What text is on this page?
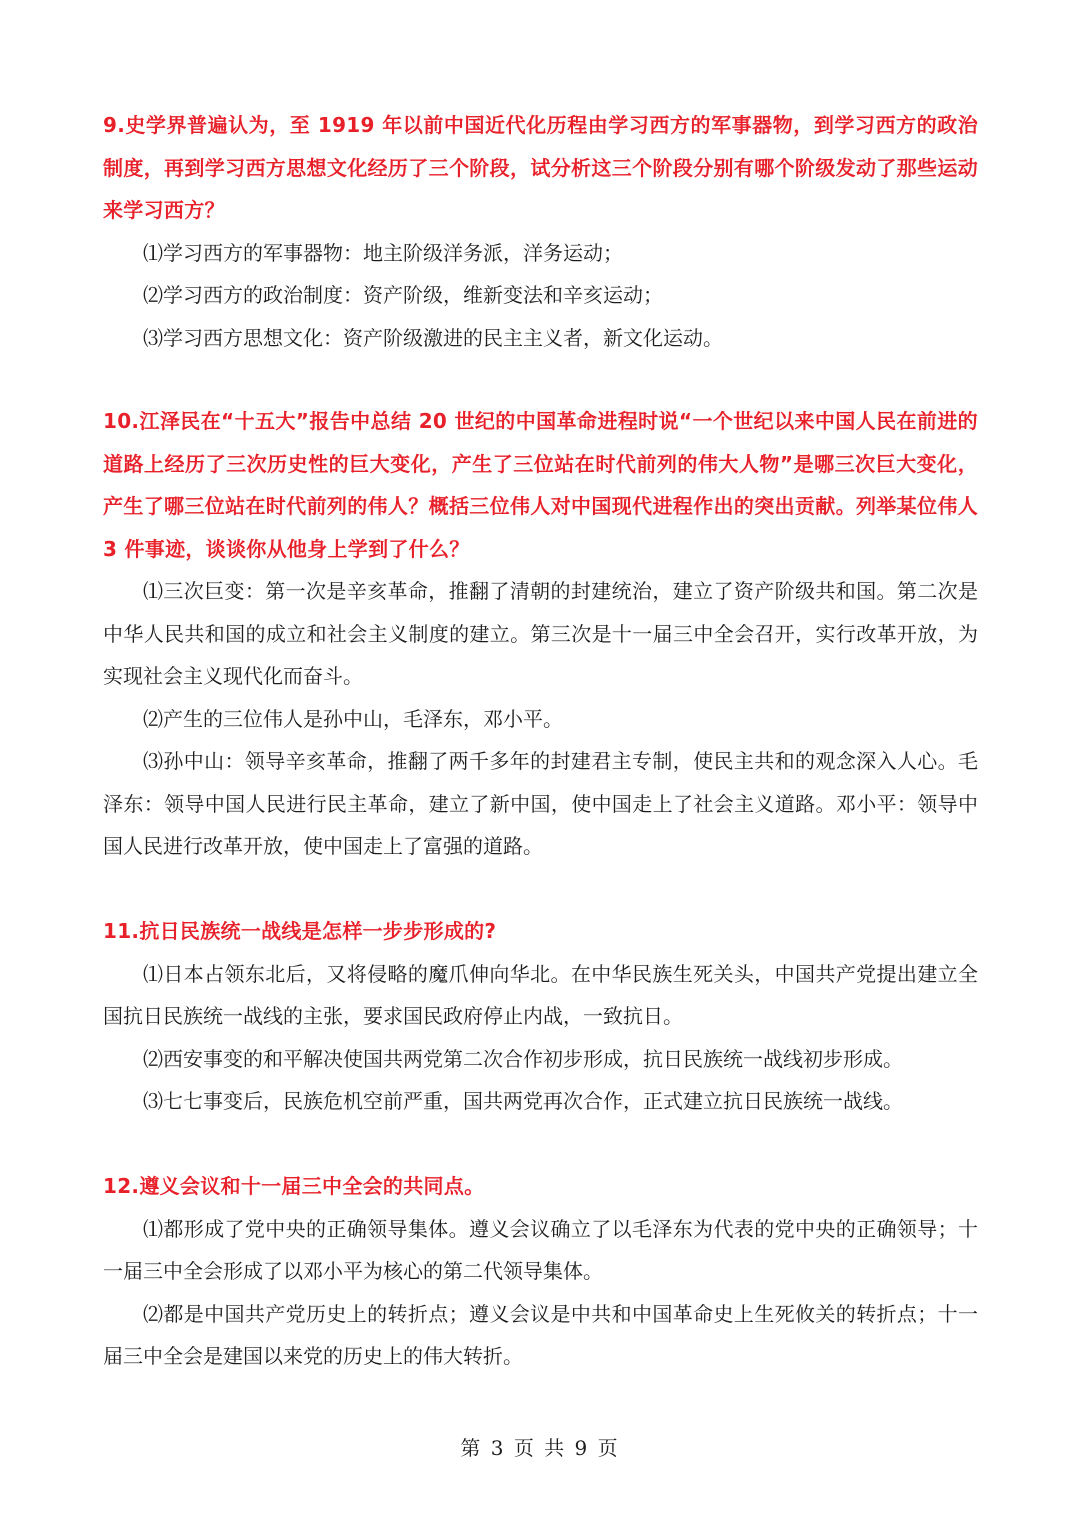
9.史学界普遍认为，至 1919 年以前中国近代化历程由学习西方的军事器物，到学习西方的政治制度，再到学习西方思想文化经历了三个阶段，试分析这三个阶段分别有哪个阶级发动了那些运动来学习西方？

⑴学习西方的军事器物：地主阶级洋务派，洋务运动；

⑵学习西方的政治制度：资产阶级，维新变法和辛亥运动；

⑶学习西方思想文化：资产阶级激进的民主主义者，新文化运动。

10.江泽民在“十五大”报告中总结 20 世纪的中国革命进程时说“一个世纪以来中国人民在前进的道路上经历了三次历史性的巨大变化，产生了三位站在时代前列的伟大人物”是哪三次巨大变化，产生了哪三位站在时代前列的伟人？概括三位伟人对中国现代进程作出的突出贡献。列举某位伟人 3 件事迹，谈谈你从他身上学到了什么？

⑴三次巨变：第一次是辛亥革命，推翻了清朝的封建统治，建立了资产阶级共和国。第二次是中华人民共和国的成立和社会主义制度的建立。第三次是十一届三中全会召开，实行改革开放，为实现社会主义现代化而奋斗。

⑵产生的三位伟人是孙中山，毛泽东，邓小平。

⑶孙中山：领导辛亥革命，推翻了两千多年的封建君主专制，使民主共和的观念深入人心。毛泽东：领导中国人民进行民主革命，建立了新中国，使中国走上了社会主义道路。邓小平：领导中国人民进行改革开放，使中国走上了富强的道路。

11.抗日民族统一战线是怎样一步步形成的?

⑴日本占领东北后，又将侵略的魔爪伸向华北。在中华民族生死关头，中国共产党提出建立全国抗日民族统一战线的主张，要求国民政府停止内战，一致抗日。

⑵西安事变的和平解决使国共两党第二次合作初步形成，抗日民族统一战线初步形成。

⑶七七事变后，民族危机空前严重，国共两党再次合作，正式建立抗日民族统一战线。

12.遵义会议和十一届三中全会的共同点。

⑴都形成了党中央的正确领导集体。遵义会议确立了以毛泽东为代表的党中央的正确领导；十一届三中全会形成了以邓小平为核心的第二代领导集体。

⑵都是中国共产党历史上的转折点；遵义会议是中共和中国革命史上生死攸关的转折点；十一届三中全会是建国以来党的历史上的伟大转折。

第 3 页 共 9 页
